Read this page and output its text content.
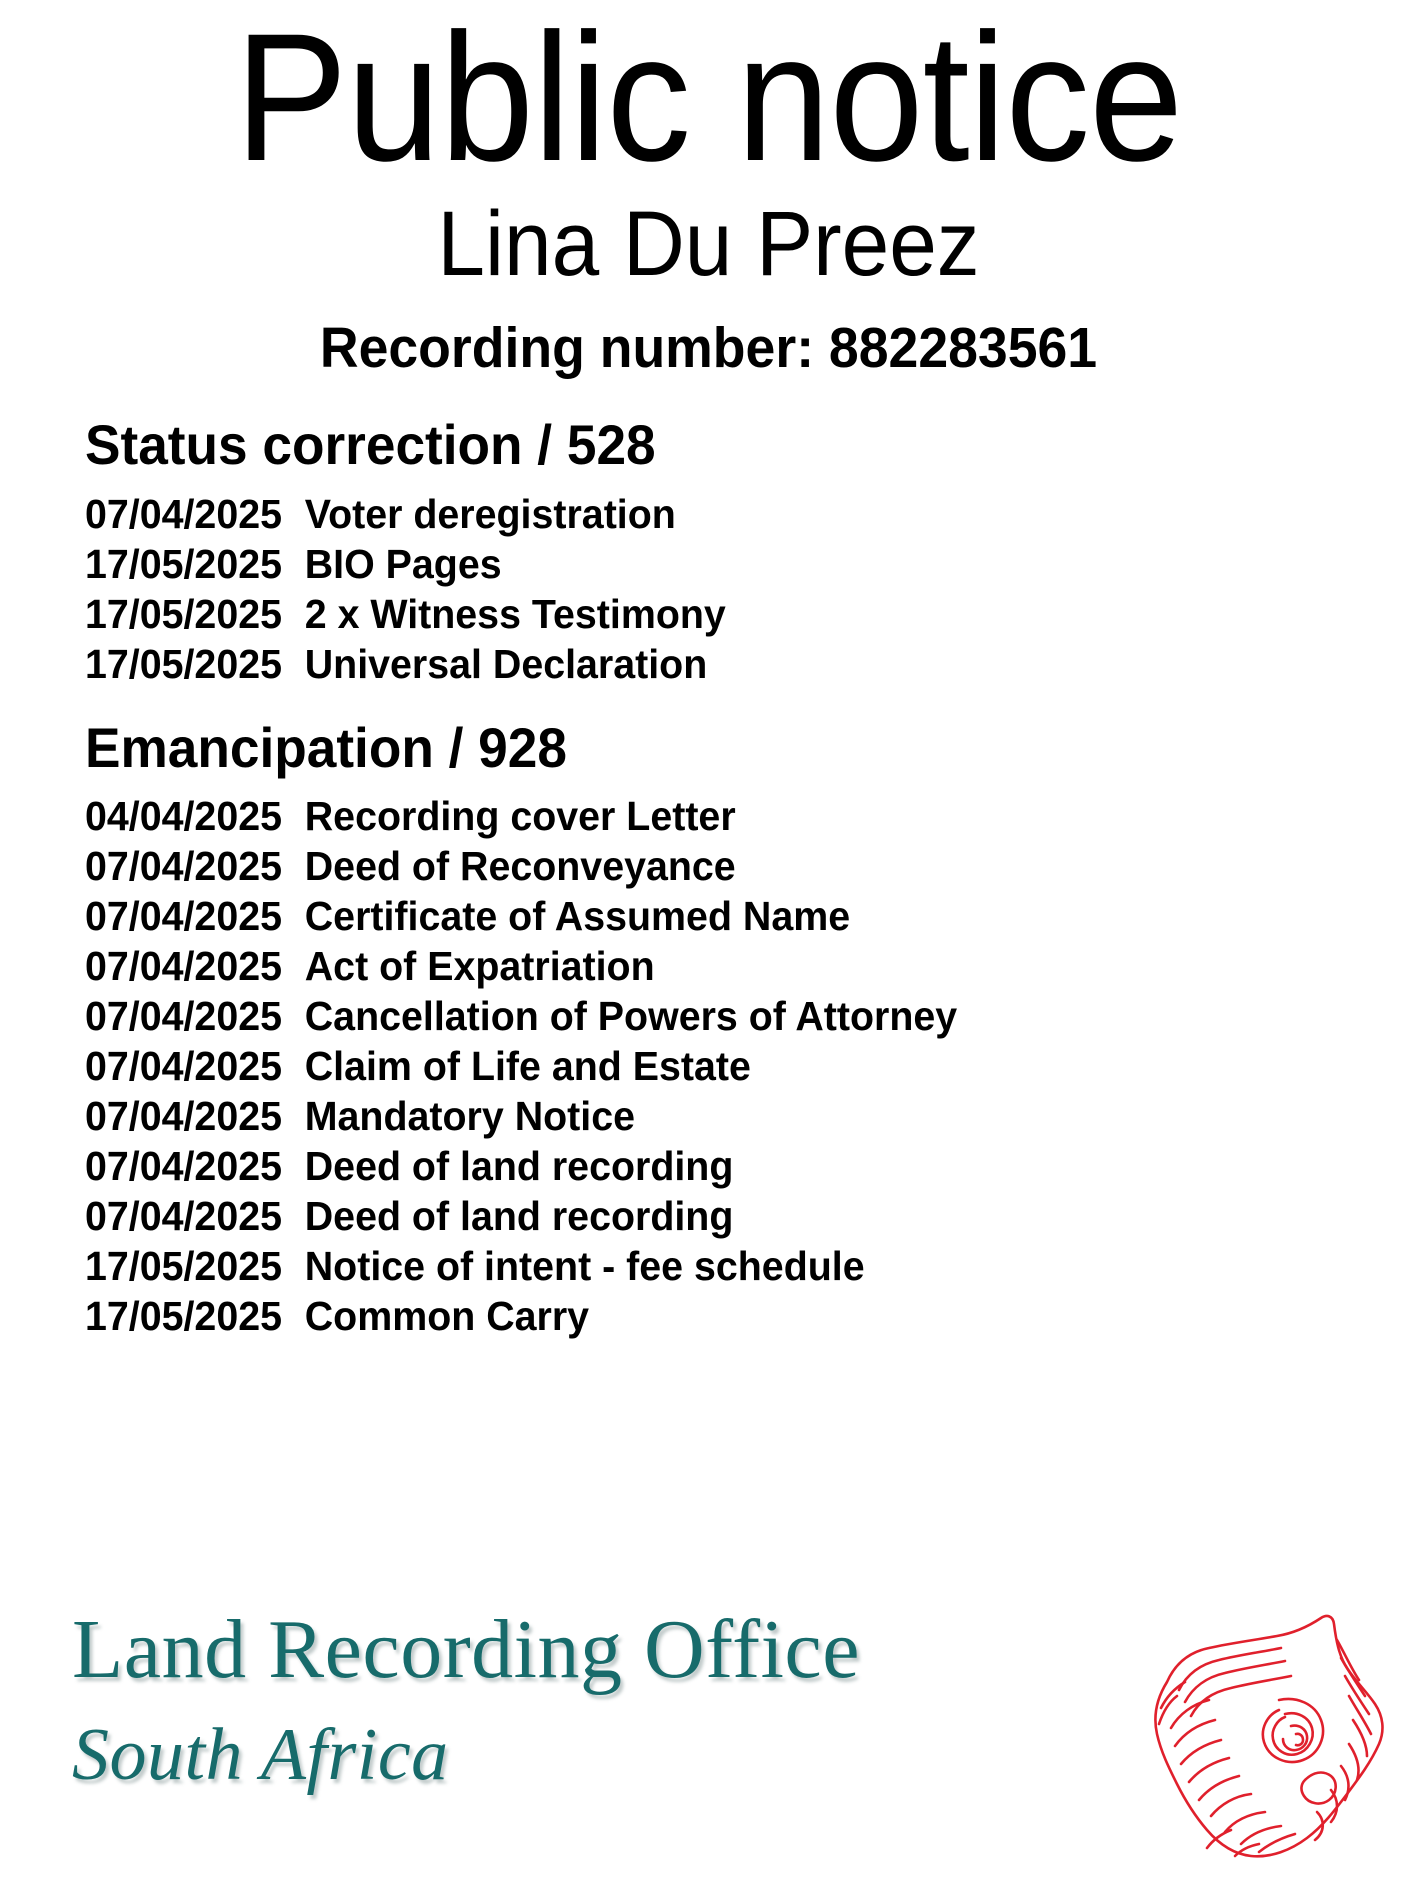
Public notice
Lina Du Preez
Recording number: 882283561
Status correction / 528
07/04/2025 Voter deregistration
17/05/2025 BIO Pages
17/05/2025 2 x Witness Testimony
17/05/2025 Universal Declaration
Emancipation / 928
04/04/2025 Recording cover Letter
07/04/2025 Deed of Reconveyance
07/04/2025 Certificate of Assumed Name
07/04/2025 Act of Expatriation
07/04/2025 Cancellation of Powers of Attorney
07/04/2025 Claim of Life and Estate
07/04/2025 Mandatory Notice
07/04/2025 Deed of land recording
07/04/2025 Deed of land recording
17/05/2025 Notice of intent - fee schedule
17/05/2025 Common Carry
Land Recording Office
South Africa
